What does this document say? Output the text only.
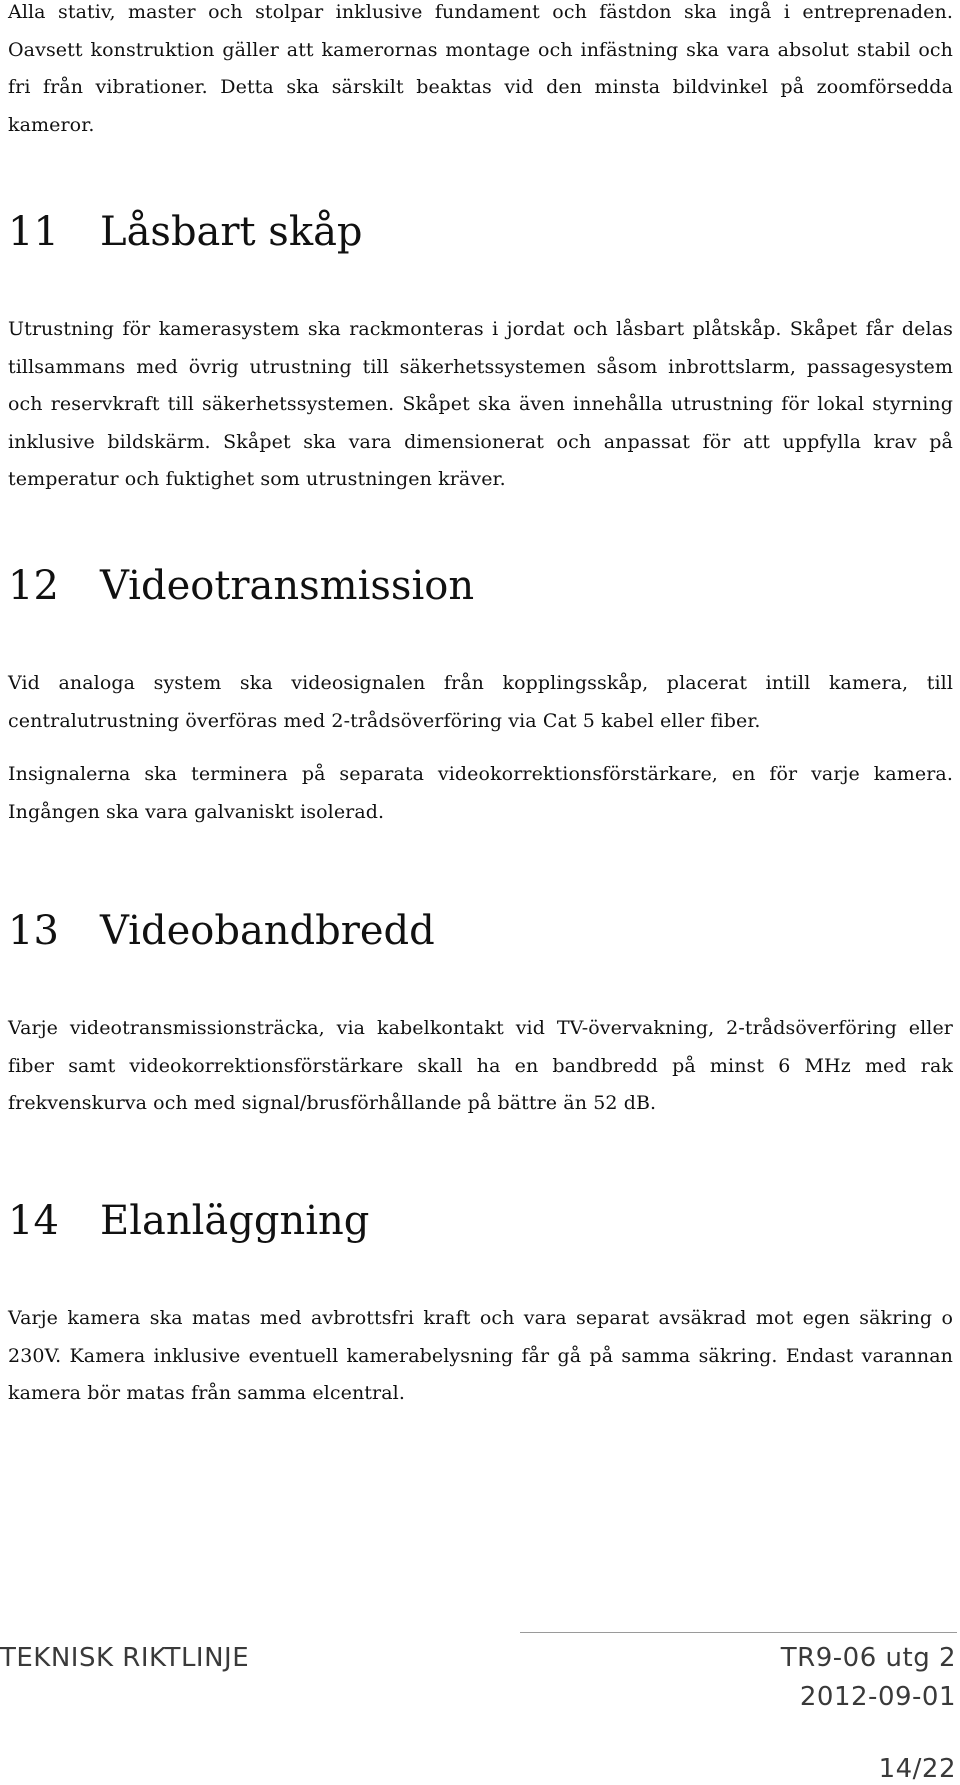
Alla stativ, master och stolpar inklusive fundament och fästdon ska ingå i entreprenaden. Oavsett konstruktion gäller att kamerornas montage och infästning ska vara absolut stabil och fri från vibrationer. Detta ska särskilt beaktas vid den minsta bildvinkel på zoomförsedda kameror.

11 Låsbart skåp

Utrustning för kamerasystem ska rackmonteras i jordat och låsbart plåtskåp. Skåpet får delas tillsammans med övrig utrustning till säkerhetssystemen såsom inbrottslarm, passagesystem och reservkraft till säkerhetssystemen. Skåpet ska även innehålla utrustning för lokal styrning inklusive bildskärm. Skåpet ska vara dimensionerat och anpassat för att uppfylla krav på temperatur och fuktighet som utrustningen kräver.

12 Videotransmission

Vid analoga system ska videosignalen från kopplingsskåp, placerat intill kamera, till centralutrustning överföras med 2-trådsöverföring via Cat 5 kabel eller fiber.

Insignalerna ska terminera på separata videokorrektionsförstärkare, en för varje kamera. Ingången ska vara galvaniskt isolerad.

13 Videobandbredd

Varje videotransmissionsträcka, via kabelkontakt vid TV-övervakning, 2-trådsöverföring eller fiber samt videokorrektionsförstärkare skall ha en bandbredd på minst 6 MHz med rak frekvenskurva och med signal/brusförhållande på bättre än 52 dB.

14 Elanläggning

Varje kamera ska matas med avbrottsfri kraft och vara separat avsäkrad mot egen säkring o 230V. Kamera inklusive eventuell kamerabelysning får gå på samma säkring. Endast varannan kamera bör matas från samma elcentral.

TEKNISK RIKTLINJE	TR9-06 utg 2
2012-09-01
14/22
